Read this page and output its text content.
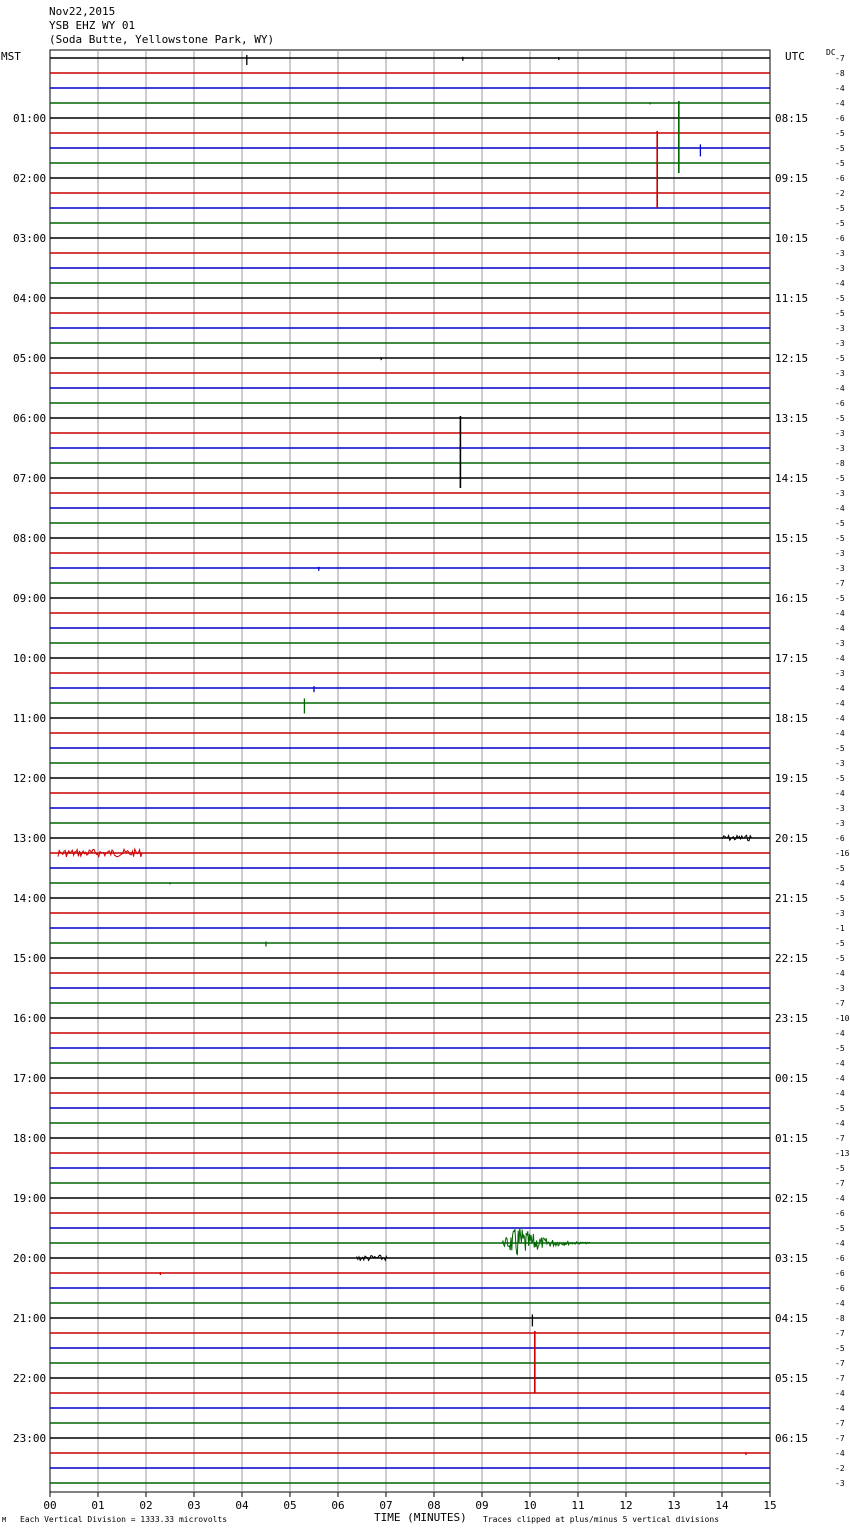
Nov22,2015
YSB EHZ WY 01
(Soda Butte, Yellowstone Park, WY)
MST	UTC	DC
01:00
02:00
03:00
04:00
05:00
06:00
07:00
08:00
09:00
10:00
11:00
12:00
13:00
14:00
15:00
16:00
17:00
18:00
19:00
20:00
21:00
22:00
23:00
08:15
09:15
10:15
11:15
12:15
13:15
14:15
15:15
16:15
17:15
18:15
19:15
20:15
21:15
22:15
23:15
00:15
01:15
02:15
03:15
04:15
05:15
06:15
-7
-8
-4
-4
-6
-5
-5
-5
-6
-2
-5
-5
-6
-3
-3
-4
-5
-5
-3
-3
-5
-3
-4
-6
-5
-3
-3
-8
-5
-3
-4
-5
-5
-3
-3
-7
-5
-4
-4
-3
-4
-3
-4
-4
-4
-4
-5
-3
-5
-4
-3
-3
-6
-16
-5
-4
-5
-3
-1
-5
-5
-4
-3
-7
-10
-4
-5
-4
-4
-4
-5
-4
-7
-13
-5
-7
-4
-6
-5
-4
-6
-6
-6
-4
-8
-7
-5
-7
-7
-4
-4
-7
-7
-4
-2
-3
00	01	02	03	04	05	06	07	08	09	10	11	12	13	14	15
M Each Vertical Division = 1333.33 microvolts	TIME (MINUTES) Traces clipped at plus/minus 5 vertical divisions
